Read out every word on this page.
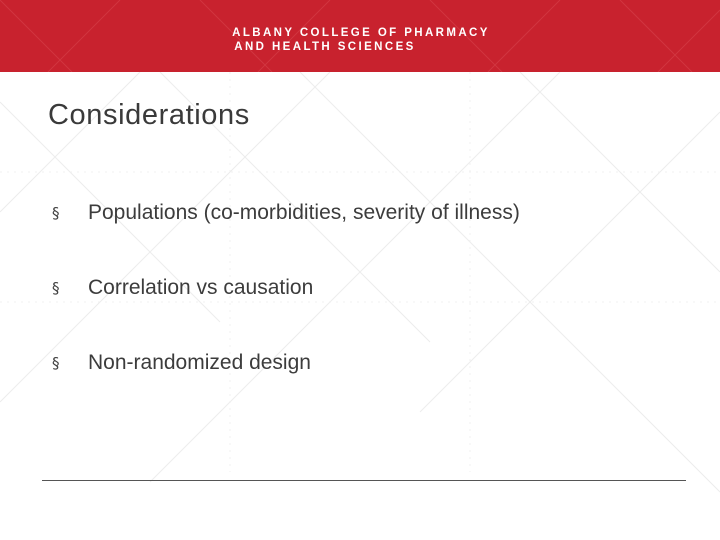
ALBANY COLLEGE OF PHARMACY
AND HEALTH SCIENCES
Considerations
§	Populations (co-morbidities, severity of illness)
§	Correlation vs causation
§	Non-randomized design
